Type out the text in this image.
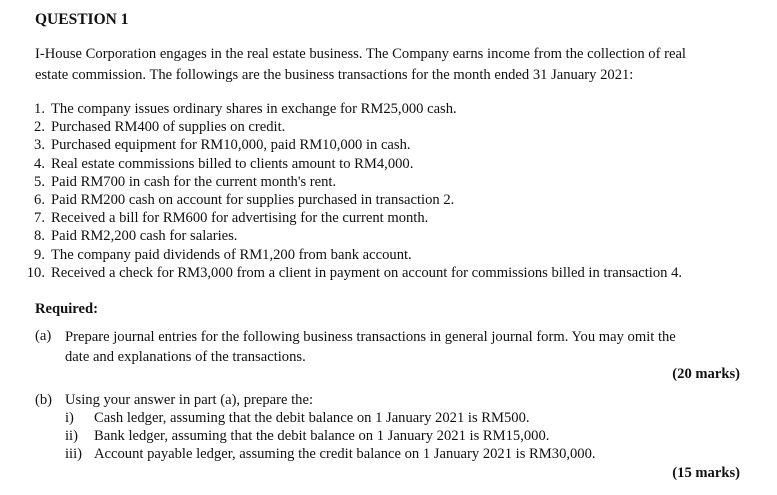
QUESTION 1
I-House Corporation engages in the real estate business. The Company earns income from the collection of real
estate commission. The followings are the business transactions for the month ended 31 January 2021:
1. The company issues ordinary shares in exchange for RM25,000 cash.
2. Purchased RM400 of supplies on credit.
3. Purchased equipment for RM10,000, paid RM10,000 in cash.
4. Real estate commissions billed to clients amount to RM4,000.
5. Paid RM700 in cash for the current month's rent.
6. Paid RM200 cash on account for supplies purchased in transaction 2.
7. Received a bill for RM600 for advertising for the current month.
8. Paid RM2,200 cash for salaries.
9. The company paid dividends of RM1,200 from bank account.
10. Received a check for RM3,000 from a client in payment on account for commissions billed in transaction 4.
Required:
(a) Prepare journal entries for the following business transactions in general journal form. You may omit the
date and explanations of the transactions.
(20 marks)
(b) Using your answer in part (a), prepare the:
i) Cash ledger, assuming that the debit balance on 1 January 2021 is RM500.
ii) Bank ledger, assuming that the debit balance on 1 January 2021 is RM15,000.
iii) Account payable ledger, assuming the credit balance on 1 January 2021 is RM30,000.
(15 marks)
